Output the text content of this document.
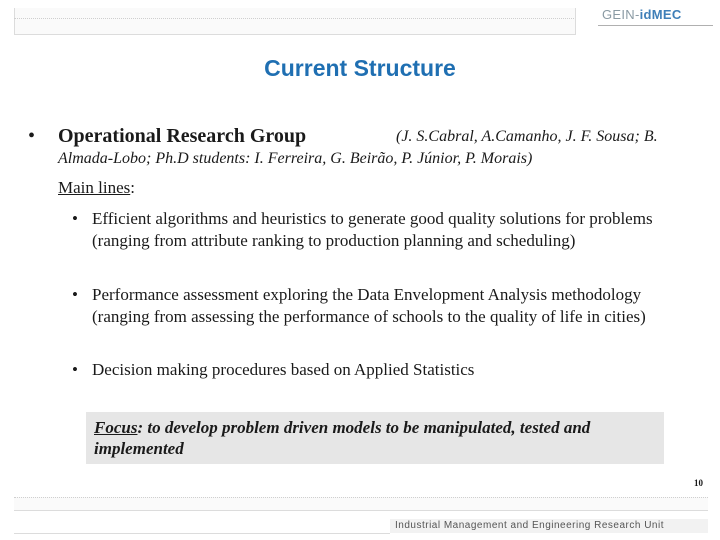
GEIN- idMEC
Current Structure
• Operational Research Group	(J. S.Cabral, A.Camanho, J. F. Sousa; B.
Almada-Lobo; Ph.D students: I. Ferreira, G. Beirão, P. Júnior, P. Morais)
Main lines:
• Efficient algorithms and heuristics to generate good quality solutions for problems (ranging from attribute ranking to production planning and scheduling)
• Performance assessment exploring the Data Envelopment Analysis methodology (ranging from assessing the performance of schools to the quality of life in cities)
• Decision making procedures based on Applied Statistics
Focus: to develop problem driven models to be manipulated, tested and implemented
10
Industrial Management and Engineering Research Unit
